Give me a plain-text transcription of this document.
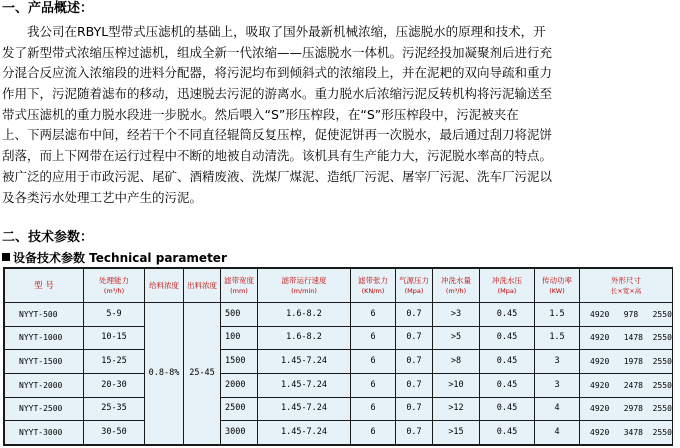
一、产品概述：
　　我公司在RBYL型带式压滤机的基础上，吸取了国外最新机械浓缩，压滤脱水的原理和技术，开
发了新型带式浓缩压榨过滤机，组成全新一代浓缩——压滤脱水一体机。污泥经投加凝聚剂后进行充
分混合反应流入浓缩段的进料分配器，将污泥均布到倾斜式的浓缩段上，并在泥耙的双向导疏和重力
作用下，污泥随着滤布的移动，迅速脱去污泥的游离水。重力脱水后浓缩污泥反转机构将污泥输送至
带式压滤机的重力脱水段进一步脱水。然后喂入“S”形压榨段，在“S”形压榨段中，污泥被夹在
上、下两层滤布中间，经若干个不同直径辊筒反复压榨，促使泥饼再一次脱水，最后通过刮刀将泥饼
刮落，而上下网带在运行过程中不断的地被自动清洗。该机具有生产能力大，污泥脱水率高的特点。
被广泛的应用于市政污泥、尾矿、酒精废液、洗煤厂煤泥、造纸厂污泥、屠宰厂污泥、洗车厂污泥以
及各类污水处理工艺中产生的污泥。
二、技术参数：
设备技术参数 Technical parameter
型 号	处理能力
(m³/h)	给料浓度	出料浓度	滤带宽度
(mm)	滤带运行速度
(m/min)	滤带张力
(KN/m)	气源压力
(Mpa)	冲洗水量
(m³/h)	冲洗水压
(Mpa)	传动功率
(KW)	外形尺寸
长×宽×高

NYYT-500	5-9	0.8-8%	25-45	500	1.6-8.2	6	0.7	>3	0.45	1.5	4920   978   2550
NYYT-1000	10-15			100	1.6-8.2	6	0.7	>5	0.45	1.5	4920   1478  2550
NYYT-1500	15-25			1500	1.45-7.24	6	0.7	>8	0.45	3	4920   1978  2550
NYYT-2000	20-30			2000	1.45-7.24	6	0.7	>10	0.45	3	4920   2478  2550
NYYT-2500	25-35			2500	1.45-7.24	6	0.7	>12	0.45	4	4920   2978  2550
NYYT-3000	30-50			3000	1.45-7.24	6	0.7	>15	0.45	4	4920   3478  2550
